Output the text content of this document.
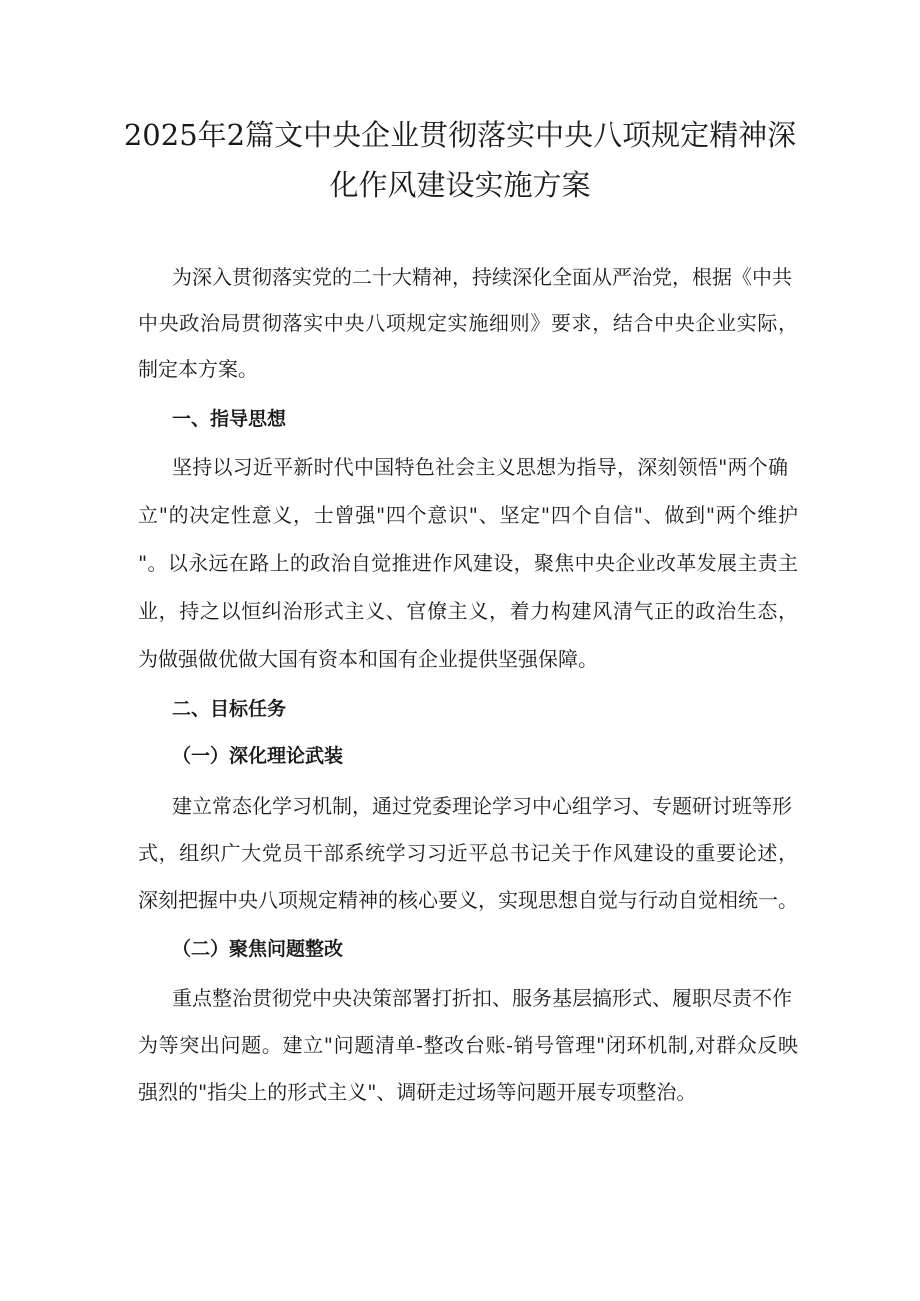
2025年2篇文中央企业贯彻落实中央八项规定精神深
化作风建设实施方案
为深入贯彻落实党的二十大精神，持续深化全面从严治党，根据《中共
中央政治局贯彻落实中央八项规定实施细则》要求，结合中央企业实际，
制定本方案。
一、指导思想
坚持以习近平新时代中国特色社会主义思想为指导，深刻领悟"两个确
立"的决定性意义，士曾强"四个意识"、坚定"四个自信"、做到"两个维护
"。以永远在路上的政治自觉推进作风建设，聚焦中央企业改革发展主责主
业，持之以恒纠治形式主义、官僚主义，着力构建风清气正的政治生态，
为做强做优做大国有资本和国有企业提供坚强保障。
二、目标任务
（一）深化理论武装
建立常态化学习机制，通过党委理论学习中心组学习、专题研讨班等形
式，组织广大党员干部系统学习习近平总书记关于作风建设的重要论述，
深刻把握中央八项规定精神的核心要义，实现思想自觉与行动自觉相统一。
（二）聚焦问题整改
重点整治贯彻党中央决策部署打折扣、服务基层搞形式、履职尽责不作
为等突出问题。建立"问题清单-整改台账-销号管理"闭环机制,对群众反映
强烈的"指尖上的形式主义"、调研走过场等问题开展专项整治。
